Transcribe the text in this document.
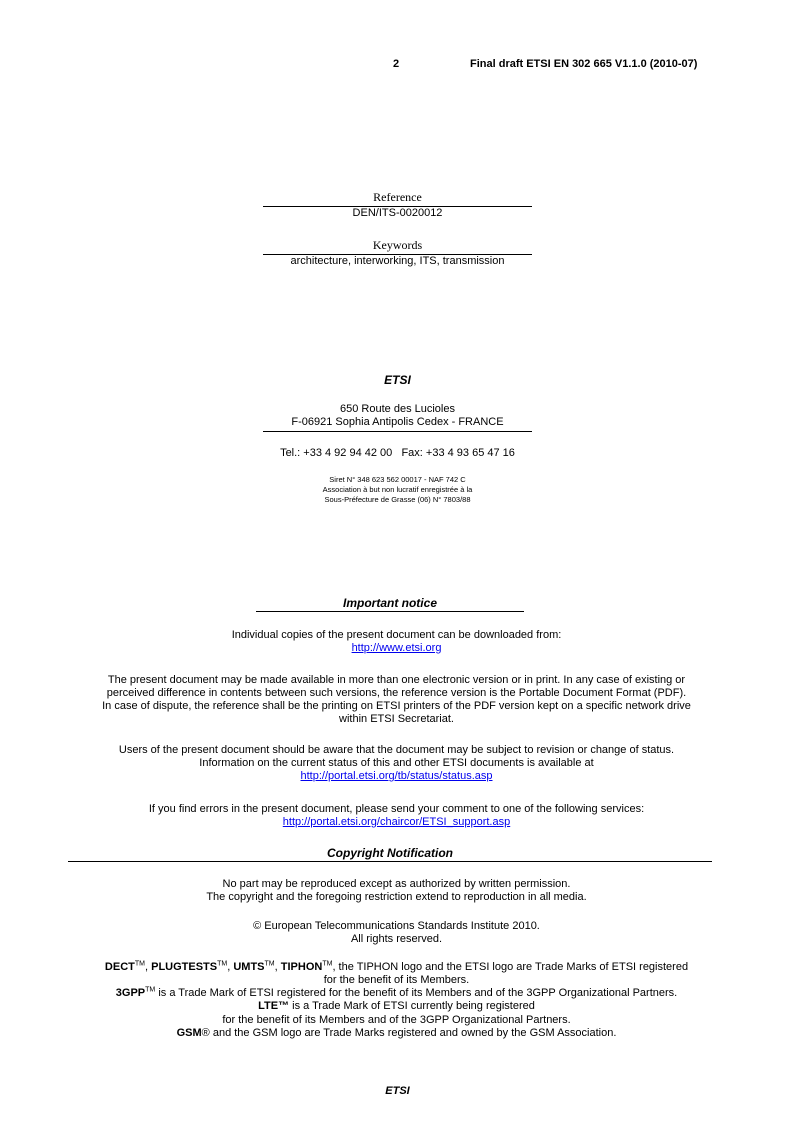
2	Final draft ETSI EN 302 665 V1.1.0 (2010-07)
Reference
DEN/ITS-0020012
Keywords
architecture, interworking, ITS, transmission
ETSI
650 Route des Lucioles
F-06921 Sophia Antipolis Cedex - FRANCE
Tel.: +33 4 92 94 42 00   Fax: +33 4 93 65 47 16
Siret N° 348 623 562 00017 - NAF 742 C
Association à but non lucratif enregistrée à la
Sous-Préfecture de Grasse (06) N° 7803/88
Important notice
Individual copies of the present document can be downloaded from:
http://www.etsi.org
The present document may be made available in more than one electronic version or in print. In any case of existing or
perceived difference in contents between such versions, the reference version is the Portable Document Format (PDF).
In case of dispute, the reference shall be the printing on ETSI printers of the PDF version kept on a specific network drive
within ETSI Secretariat.
Users of the present document should be aware that the document may be subject to revision or change of status.
Information on the current status of this and other ETSI documents is available at
http://portal.etsi.org/tb/status/status.asp
If you find errors in the present document, please send your comment to one of the following services:
http://portal.etsi.org/chaircor/ETSI_support.asp
Copyright Notification
No part may be reproduced except as authorized by written permission.
The copyright and the foregoing restriction extend to reproduction in all media.
© European Telecommunications Standards Institute 2010.
All rights reserved.
DECT™, PLUGTESTS™, UMTS™, TIPHON™, the TIPHON logo and the ETSI logo are Trade Marks of ETSI registered
for the benefit of its Members.
3GPP™ is a Trade Mark of ETSI registered for the benefit of its Members and of the 3GPP Organizational Partners.
LTE™ is a Trade Mark of ETSI currently being registered
for the benefit of its Members and of the 3GPP Organizational Partners.
GSM® and the GSM logo are Trade Marks registered and owned by the GSM Association.
ETSI
